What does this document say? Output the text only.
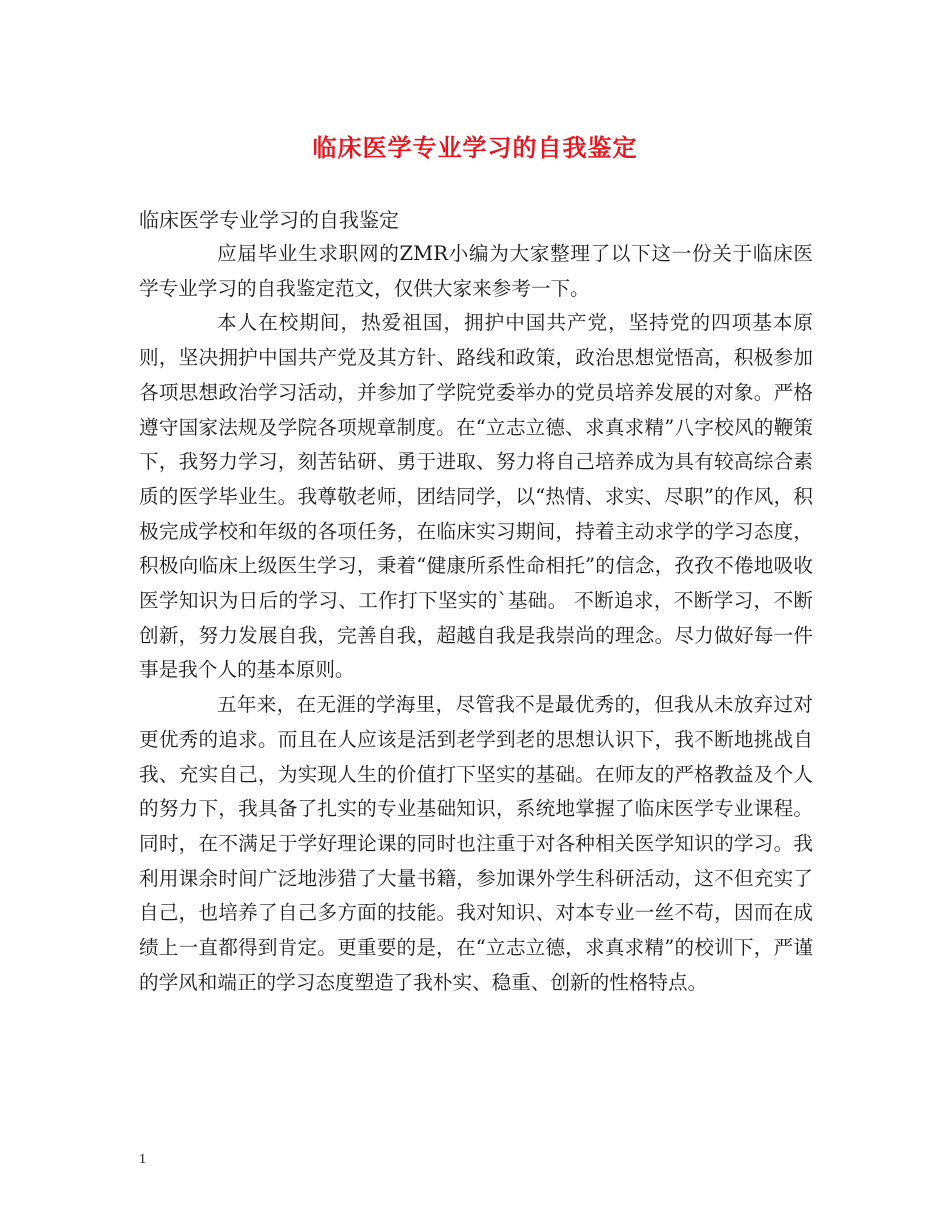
临床医学专业学习的自我鉴定

临床医学专业学习的自我鉴定

应届毕业生求职网的ZMR小编为大家整理了以下这一份关于临床医学专业学习的自我鉴定范文，仅供大家来参考一下。

本人在校期间，热爱祖国，拥护中国共产党，坚持党的四项基本原则，坚决拥护中国共产党及其方针、路线和政策，政治思想觉悟高，积极参加各项思想政治学习活动，并参加了学院党委举办的党员培养发展的对象。严格遵守国家法规及学院各项规章制度。在“立志立德、求真求精”八字校风的鞭策下，我努力学习，刻苦钻研、勇于进取、努力将自己培养成为具有较高综合素质的医学毕业生。我尊敬老师，团结同学，以“热情、求实、尽职”的作风，积极完成学校和年级的各项任务，在临床实习期间，持着主动求学的学习态度，积极向临床上级医生学习，秉着“健康所系性命相托”的信念，孜孜不倦地吸收医学知识为日后的学习、工作打下坚实的`基础。 不断追求，不断学习，不断创新，努力发展自我，完善自我，超越自我是我崇尚的理念。尽力做好每一件事是我个人的基本原则。

五年来，在无涯的学海里，尽管我不是最优秀的，但我从未放弃过对更优秀的追求。而且在人应该是活到老学到老的思想认识下，我不断地挑战自我、充实自己，为实现人生的价值打下坚实的基础。在师友的严格教益及个人的努力下，我具备了扎实的专业基础知识，系统地掌握了临床医学专业课程。同时，在不满足于学好理论课的同时也注重于对各种相关医学知识的学习。我利用课余时间广泛地涉猎了大量书籍，参加课外学生科研活动，这不但充实了自己，也培养了自己多方面的技能。我对知识、对本专业一丝不苟，因而在成绩上一直都得到肯定。更重要的是，在“立志立德，求真求精”的校训下，严谨的学风和端正的学习态度塑造了我朴实、稳重、创新的性格特点。

1
